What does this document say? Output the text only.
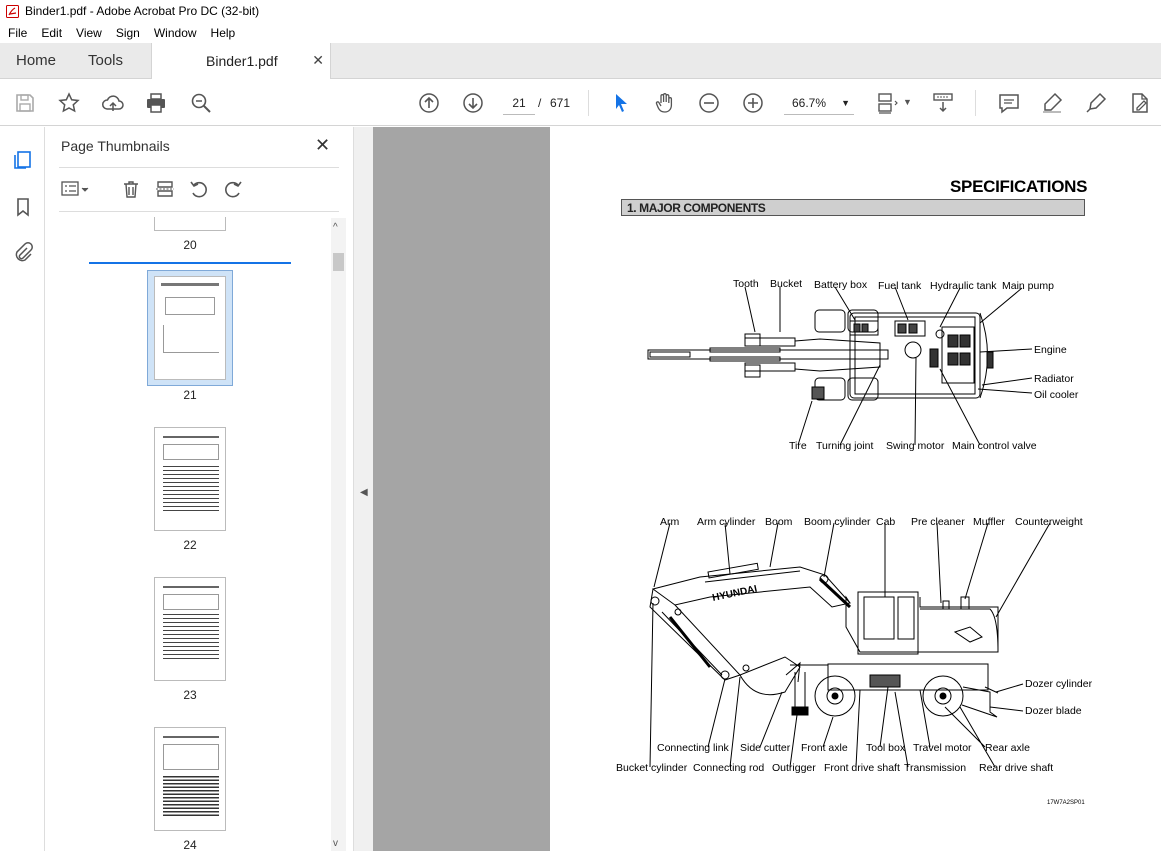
Binder1.pdf - Adobe Acrobat Pro DC (32-bit)
File	Edit	View	Sign	Window	Help
Home Tools	Binder1.pdf ✕
21	/ 671	66.7% ▼	▼
Page Thumbnails	✕
20
21
22
23
24
^
v
◀
SPECIFICATIONS
1. MAJOR COMPONENTS
HYUNDAI
Tooth Bucket Battery box Fuel tank Hydraulic tank Main pump
Engine
Radiator
Oil cooler
Tire Turning joint Swing motor Main control valve
Arm Arm cylinder Boom Boom cylinder Cab Pre cleaner Muffler Counterweight
Dozer cylinder
Dozer blade
Connecting link Side cutter Front axle Tool box Travel motor Rear axle
Bucket cylinder Connecting rod Outrigger Front drive shaft Transmission Rear drive shaft
17W7A2SP01
